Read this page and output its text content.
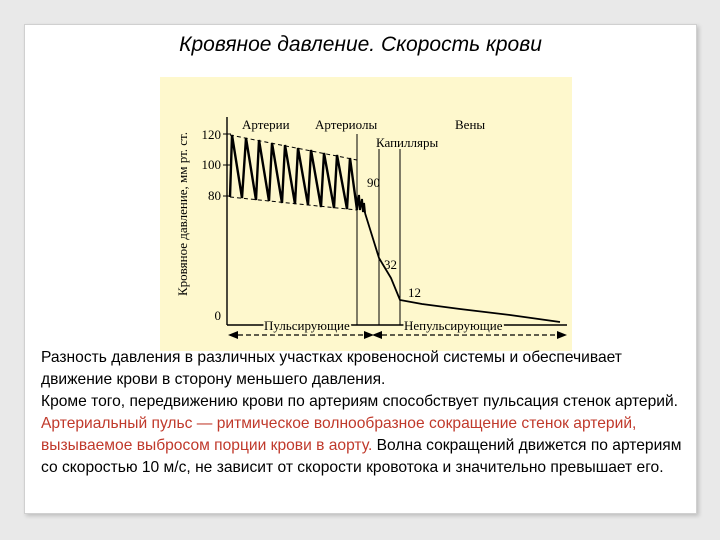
Кровяное давление. Скорость крови
Кровяное давление, мм рт. ст. 120
100
80
0
Артерии Артериолы	Вены
Капилляры
90
32
12
Пульсирующие	Непульсирующие

Разность давления в различных участках кровеносной системы и обеспечивает движение крови в сторону меньшего давления.

Кроме того, передвижению крови по артериям способствует пульсация стенок артерий. Артериальный пульс — ритмическое волнообразное сокращение стенок артерий, вызываемое выбросом порции крови в аорту. Волна сокращений движется по артериям со скоростью 10 м/с, не зависит от скорости кровотока и значительно превышает его.
